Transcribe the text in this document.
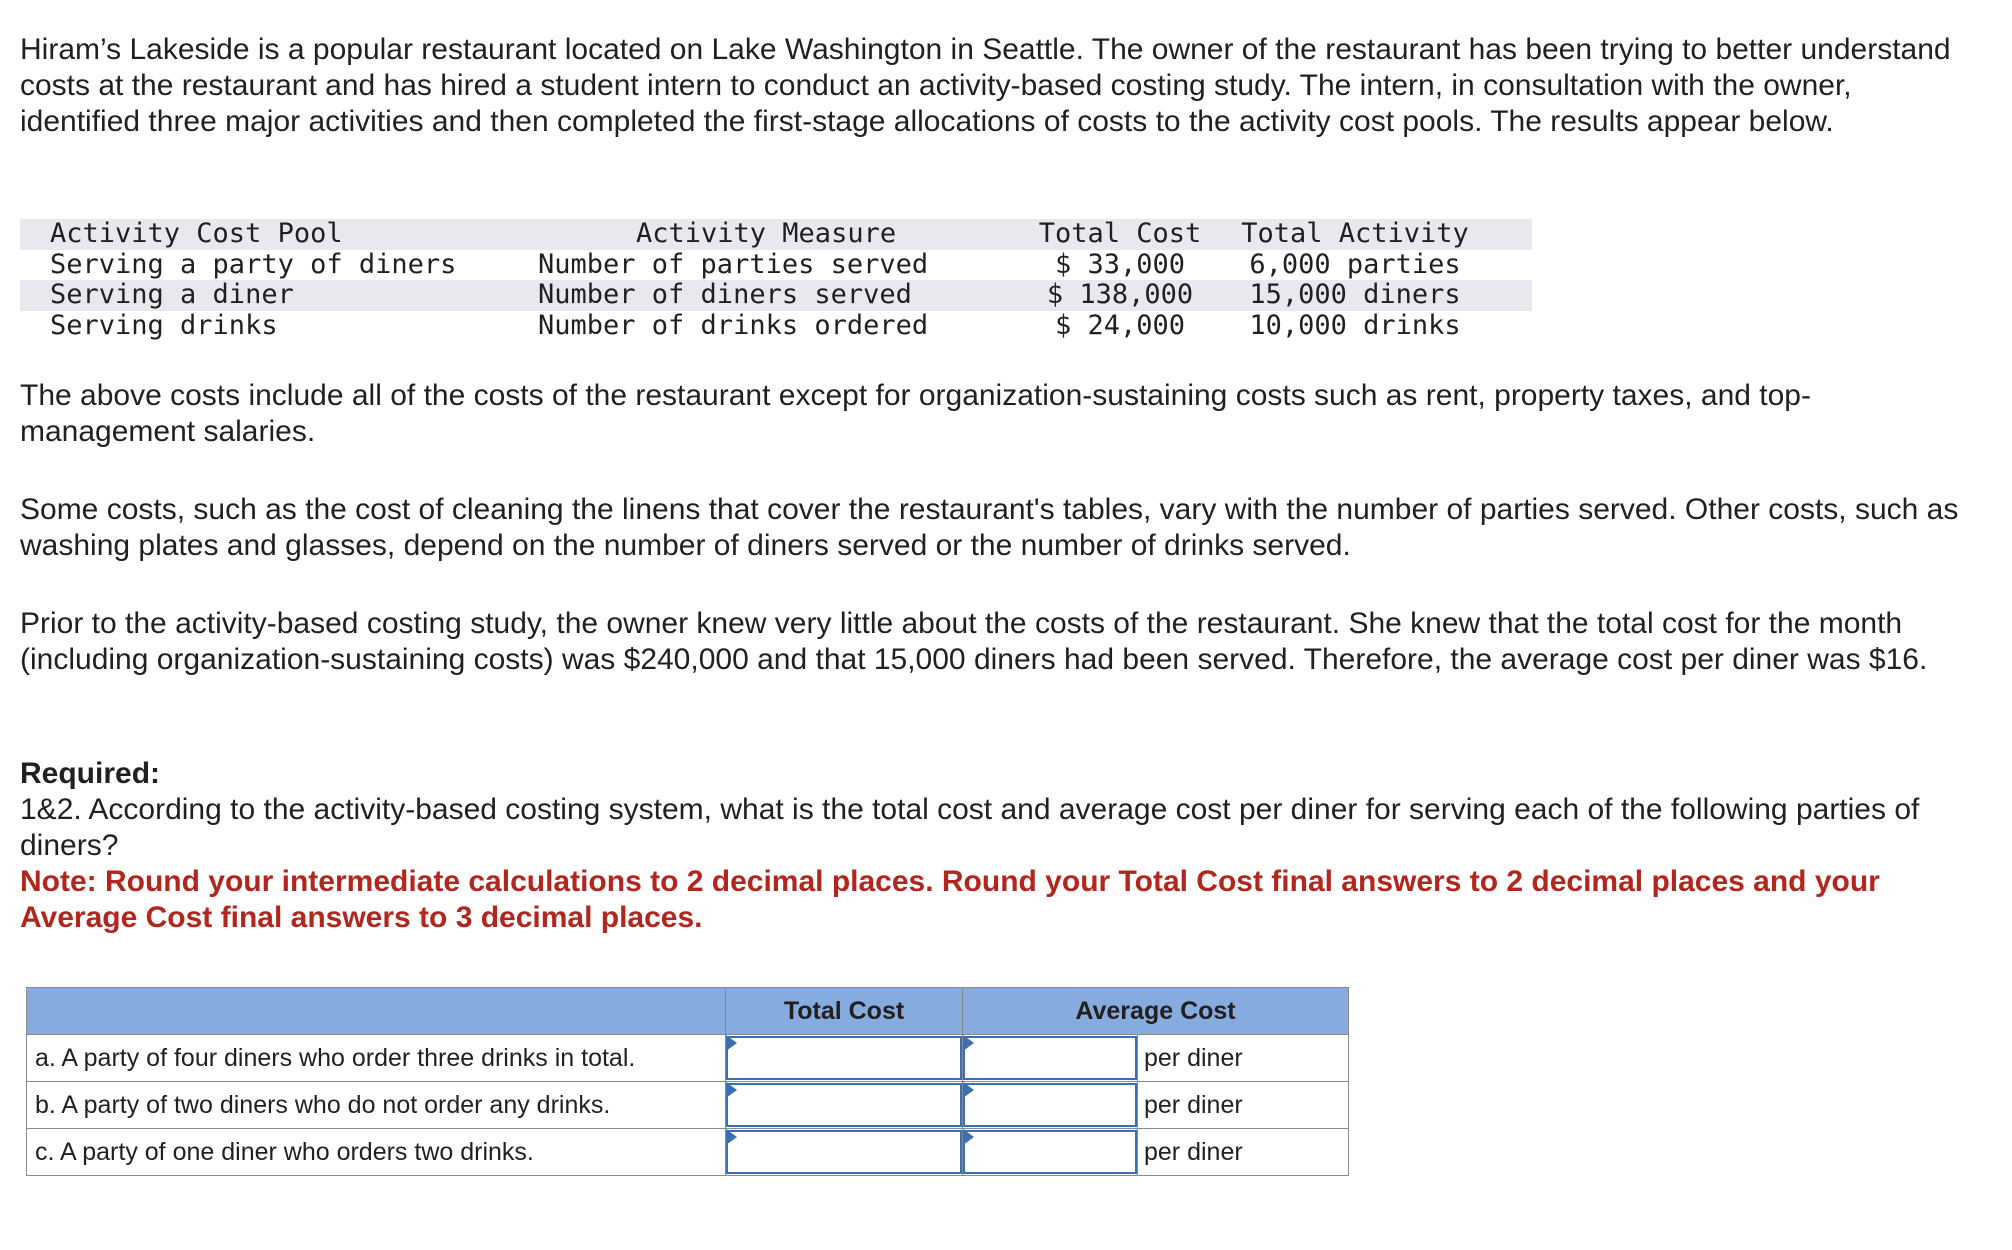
Hiram’s Lakeside is a popular restaurant located on Lake Washington in Seattle. The owner of the restaurant has been trying to better understand costs at the restaurant and has hired a student intern to conduct an activity-based costing study. The intern, in consultation with the owner, identified three major activities and then completed the first-stage allocations of costs to the activity cost pools. The results appear below.

Activity Cost Pool	Activity Measure	Total Cost	Total Activity
Serving a party of diners	Number of parties served	$ 33,000	6,000 parties
Serving a diner	Number of diners served	$ 138,000	15,000 diners
Serving drinks	Number of drinks ordered	$ 24,000	10,000 drinks

The above costs include all of the costs of the restaurant except for organization-sustaining costs such as rent, property taxes, and top-management salaries.

Some costs, such as the cost of cleaning the linens that cover the restaurant's tables, vary with the number of parties served. Other costs, such as washing plates and glasses, depend on the number of diners served or the number of drinks served.

Prior to the activity-based costing study, the owner knew very little about the costs of the restaurant. She knew that the total cost for the month (including organization-sustaining costs) was $240,000 and that 15,000 diners had been served. Therefore, the average cost per diner was $16.

Required:
1&2. According to the activity-based costing system, what is the total cost and average cost per diner for serving each of the following parties of diners?
Note: Round your intermediate calculations to 2 decimal places. Round your Total Cost final answers to 2 decimal places and your Average Cost final answers to 3 decimal places.
	Total Cost	Average Cost	
a. A party of four diners who order three drinks in total.			per diner
b. A party of two diners who do not order any drinks.			per diner
c. A party of one diner who orders two drinks.			per diner
